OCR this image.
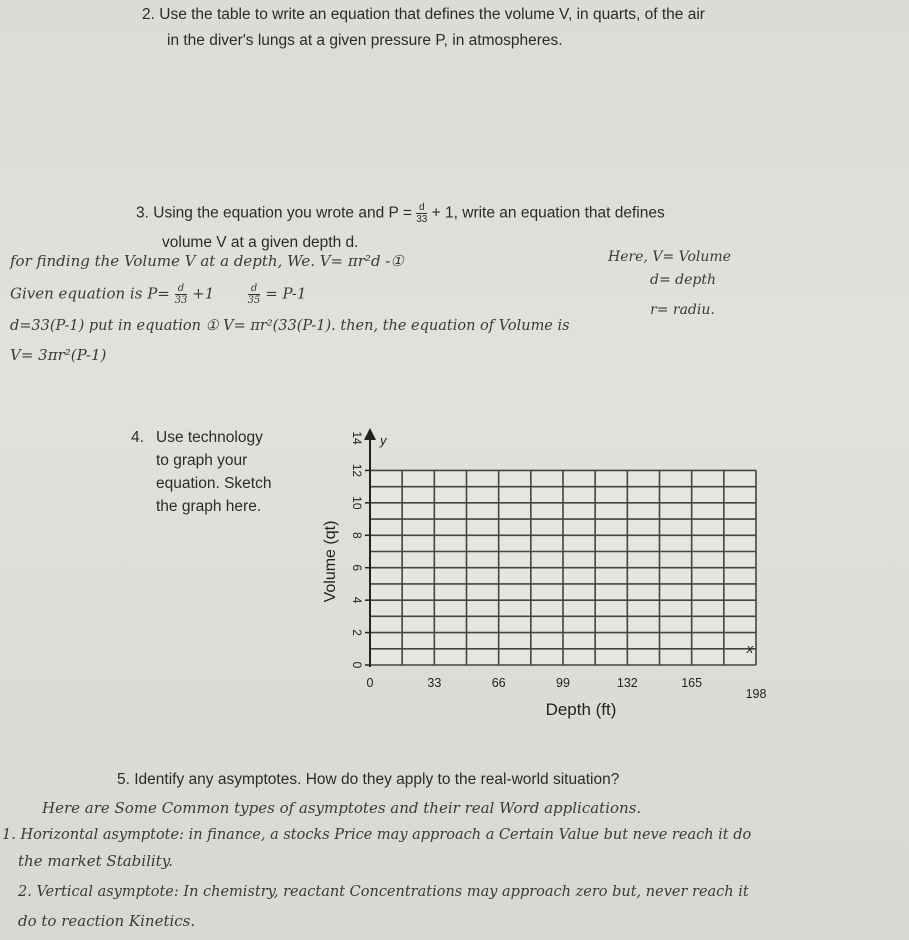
2. Use the table to write an equation that defines the volume V, in quarts, of the air
in the diver's lungs at a given pressure P, in atmospheres.
3. Using the equation you wrote and $P = \frac{d}{33} + 1$, write an equation that defines
volume V at a given depth d.
for finding the Volume V at a depth, We. V= πr²d -①	Here, V= Volume
d= depth
Given equation is $P= \frac{d}{33} +1$	$\frac{d}{35} = P-1$
r= radiu.
d=33(P-1) put in equation ① V= πr²(33(P-1). then, the equation of Volume is
V= 3πr²(P-1)
4. Use technology
to graph your
equation. Sketch
the graph here.
y
x
0
2
4
6
8
10
12
14
0	33	66	99	132	165
198
Depth (ft)
Volume (qt)
5. Identify any asymptotes. How do they apply to the real-world situation?
Here are Some Common types of asymptotes and their real Word applications.
1. Horizontal asymptote: in finance, a stocks Price may approach a Certain Value but neve reach it do
the market Stability.
2. Vertical asymptote: In chemistry, reactant Concentrations may approach zero but, never reach it
do to reaction Kinetics.
